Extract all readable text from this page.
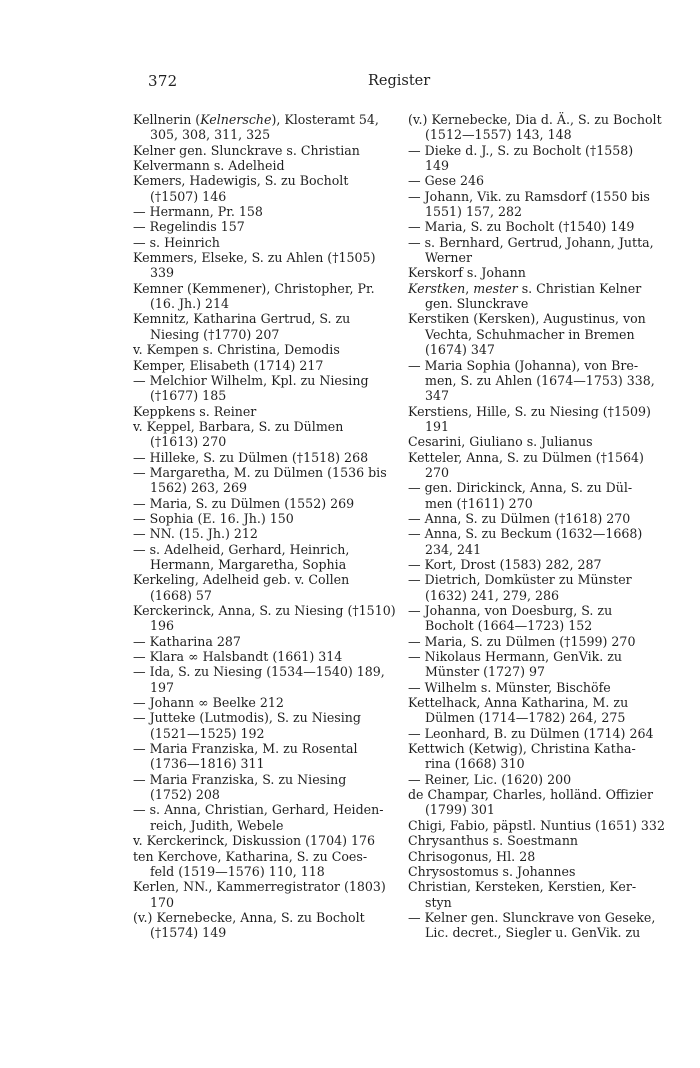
372	Register
Kellnerin (Kelnersche), Klosteramt 54,
305, 308, 311, 325
Kelner gen. Slunckrave s. Christian
Kelvermann s. Adelheid
Kemers, Hadewigis, S. zu Bocholt
(†1507) 146
— Hermann, Pr. 158
— Regelindis 157
— s. Heinrich
Kemmers, Elseke, S. zu Ahlen (†1505)
339
Kemner (Kemmener), Christopher, Pr.
(16. Jh.) 214
Kemnitz, Katharina Gertrud, S. zu
Niesing (†1770) 207
v. Kempen s. Christina, Demodis
Kemper, Elisabeth (1714) 217
— Melchior Wilhelm, Kpl. zu Niesing
(†1677) 185
Keppkens s. Reiner
v. Keppel, Barbara, S. zu Dülmen
(†1613) 270
— Hilleke, S. zu Dülmen (†1518) 268
— Margaretha, M. zu Dülmen (1536 bis
1562) 263, 269
— Maria, S. zu Dülmen (1552) 269
— Sophia (E. 16. Jh.) 150
— NN. (15. Jh.) 212
— s. Adelheid, Gerhard, Heinrich,
Hermann, Margaretha, Sophia
Kerkeling, Adelheid geb. v. Collen
(1668) 57
Kerckerinck, Anna, S. zu Niesing (†1510)
196
— Katharina 287
— Klara ∞ Halsbandt (1661) 314
— Ida, S. zu Niesing (1534—1540) 189,
197
— Johann ∞ Beelke 212
— Jutteke (Lutmodis), S. zu Niesing
(1521—1525) 192
— Maria Franziska, M. zu Rosental
(1736—1816) 311
— Maria Franziska, S. zu Niesing
(1752) 208
— s. Anna, Christian, Gerhard, Heiden-
reich, Judith, Webele
v. Kerckerinck, Diskussion (1704) 176
ten Kerchove, Katharina, S. zu Coes-
feld (1519—1576) 110, 118
Kerlen, NN., Kammerregistrator (1803)
170
(v.) Kernebecke, Anna, S. zu Bocholt
(†1574) 149
(v.) Kernebecke, Dia d. Ä., S. zu Bocholt
(1512—1557) 143, 148
— Dieke d. J., S. zu Bocholt (†1558)
149
— Gese 246
— Johann, Vik. zu Ramsdorf (1550 bis
1551) 157, 282
— Maria, S. zu Bocholt (†1540) 149
— s. Bernhard, Gertrud, Johann, Jutta,
Werner
Kerskorf s. Johann
Kerstken, mester s. Christian Kelner
gen. Slunckrave
Kerstiken (Kersken), Augustinus, von
Vechta, Schuhmacher in Bremen
(1674) 347
— Maria Sophia (Johanna), von Bre-
men, S. zu Ahlen (1674—1753) 338,
347
Kerstiens, Hille, S. zu Niesing (†1509)
191
Cesarini, Giuliano s. Julianus
Ketteler, Anna, S. zu Dülmen (†1564)
270
— gen. Dirickinck, Anna, S. zu Dül-
men (†1611) 270
— Anna, S. zu Dülmen (†1618) 270
— Anna, S. zu Beckum (1632—1668)
234, 241
— Kort, Drost (1583) 282, 287
— Dietrich, Domküster zu Münster
(1632) 241, 279, 286
— Johanna, von Doesburg, S. zu
Bocholt (1664—1723) 152
— Maria, S. zu Dülmen (†1599) 270
— Nikolaus Hermann, GenVik. zu
Münster (1727) 97
— Wilhelm s. Münster, Bischöfe
Kettelhack, Anna Katharina, M. zu
Dülmen (1714—1782) 264, 275
— Leonhard, B. zu Dülmen (1714) 264
Kettwich (Ketwig), Christina Katha-
rina (1668) 310
— Reiner, Lic. (1620) 200
de Champar, Charles, holländ. Offizier
(1799) 301
Chigi, Fabio, päpstl. Nuntius (1651) 332
Chrysanthus s. Soestmann
Chrisogonus, Hl. 28
Chrysostomus s. Johannes
Christian, Kersteken, Kerstien, Ker-
styn
— Kelner gen. Slunckrave von Geseke,
Lic. decret., Siegler u. GenVik. zu
